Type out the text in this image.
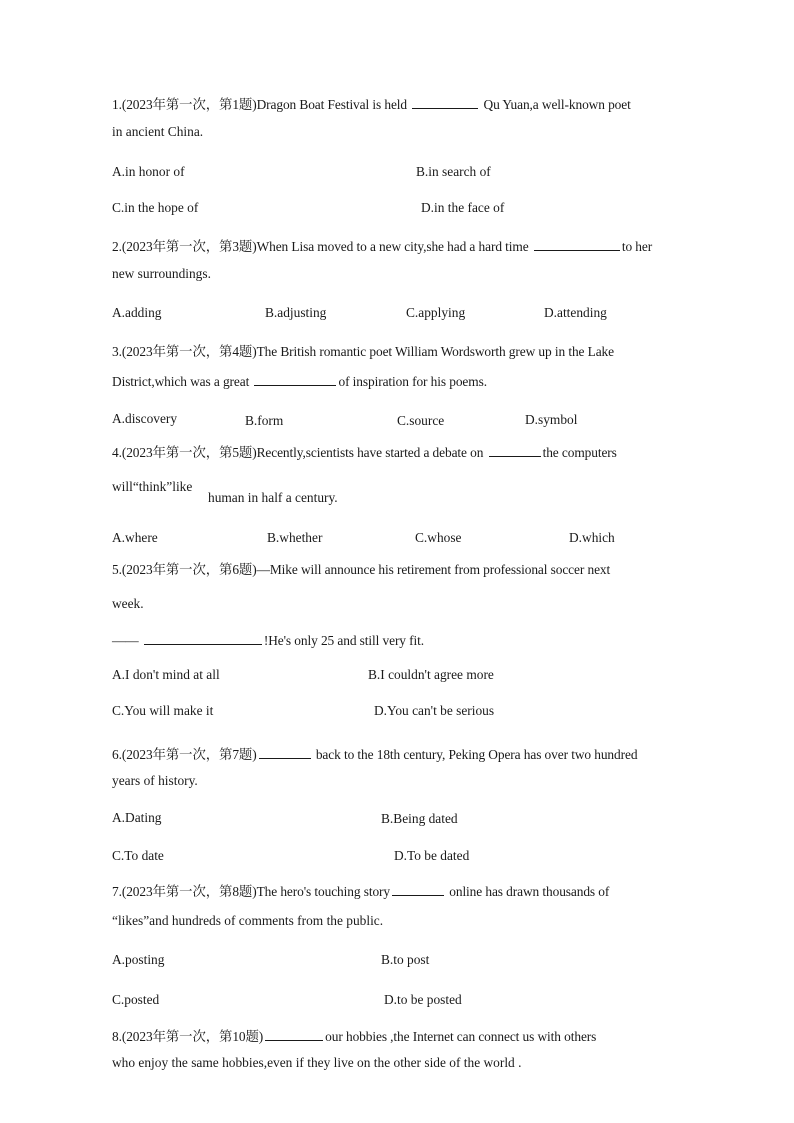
1.(2023年第一次，第1题)Dragon Boat Festival is held	Qu Yuan,a well-known poet
in ancient China.
A.in honor of	B.in search of
C.in the hope of	D.in the face of
2.(2023年第一次，第3题)When Lisa moved to a new city,she had a hard time	to her
new surroundings.
A.adding	B.adjusting	C.applying	D.attending
3.(2023年第一次，第4题)The British romantic poet William Wordsworth grew up in the Lake
District,which was a great	of inspiration for his poems.
A.discovery	B.form	C.source	D.symbol
4.(2023年第一次，第5题)Recently,scientists have started a debate on	the computers
will“think”like
human in half a century.
A.where	B.whether	C.whose	D.which
5.(2023年第一次，第6题)—Mike will announce his retirement from professional soccer next
week.
——	!He's only 25 and still very fit.
A.I don't mind at all	B.I couldn't agree more
C.You will make it	D.You can't be serious
6.(2023年第一次，第7题)	back to the 18th century, Peking Opera has over two hundred
years of history.
A.Dating	B.Being dated
C.To date	D.To be dated
7.(2023年第一次，第8题)The hero's touching story	online has drawn thousands of
“likes”and hundreds of comments from the public.
A.posting	B.to post
C.posted	D.to be posted
8.(2023年第一次，第10题)	our hobbies ,the Internet can connect us with others
who enjoy the same hobbies,even if they live on the other side of the world .
